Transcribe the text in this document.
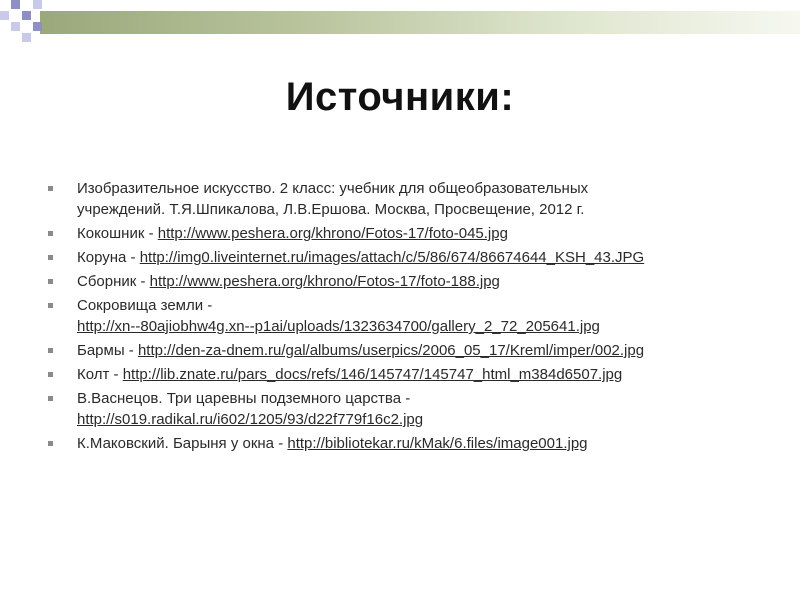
Источники:
Изобразительное искусство. 2 класс: учебник для общеобразовательных
учреждений. Т.Я.Шпикалова, Л.В.Ершова. Москва, Просвещение, 2012 г.
Кокошник - http://www.peshera.org/khrono/Fotos-17/foto-045.jpg
Коруна - http://img0.liveinternet.ru/images/attach/c/5/86/674/86674644_KSH_43.JPG
Сборник - http://www.peshera.org/khrono/Fotos-17/foto-188.jpg
Сокровища земли -
http://xn--80ajiobhw4g.xn--p1ai/uploads/1323634700/gallery_2_72_205641.jpg
Бармы - http://den-za-dnem.ru/gal/albums/userpics/2006_05_17/Kreml/imper/002.jpg
Колт - http://lib.znate.ru/pars_docs/refs/146/145747/145747_html_m384d6507.jpg
В.Васнецов. Три царевны подземного царства -
http://s019.radikal.ru/i602/1205/93/d22f779f16c2.jpg
К.Маковский. Барыня у окна - http://bibliotekar.ru/kMak/6.files/image001.jpg
